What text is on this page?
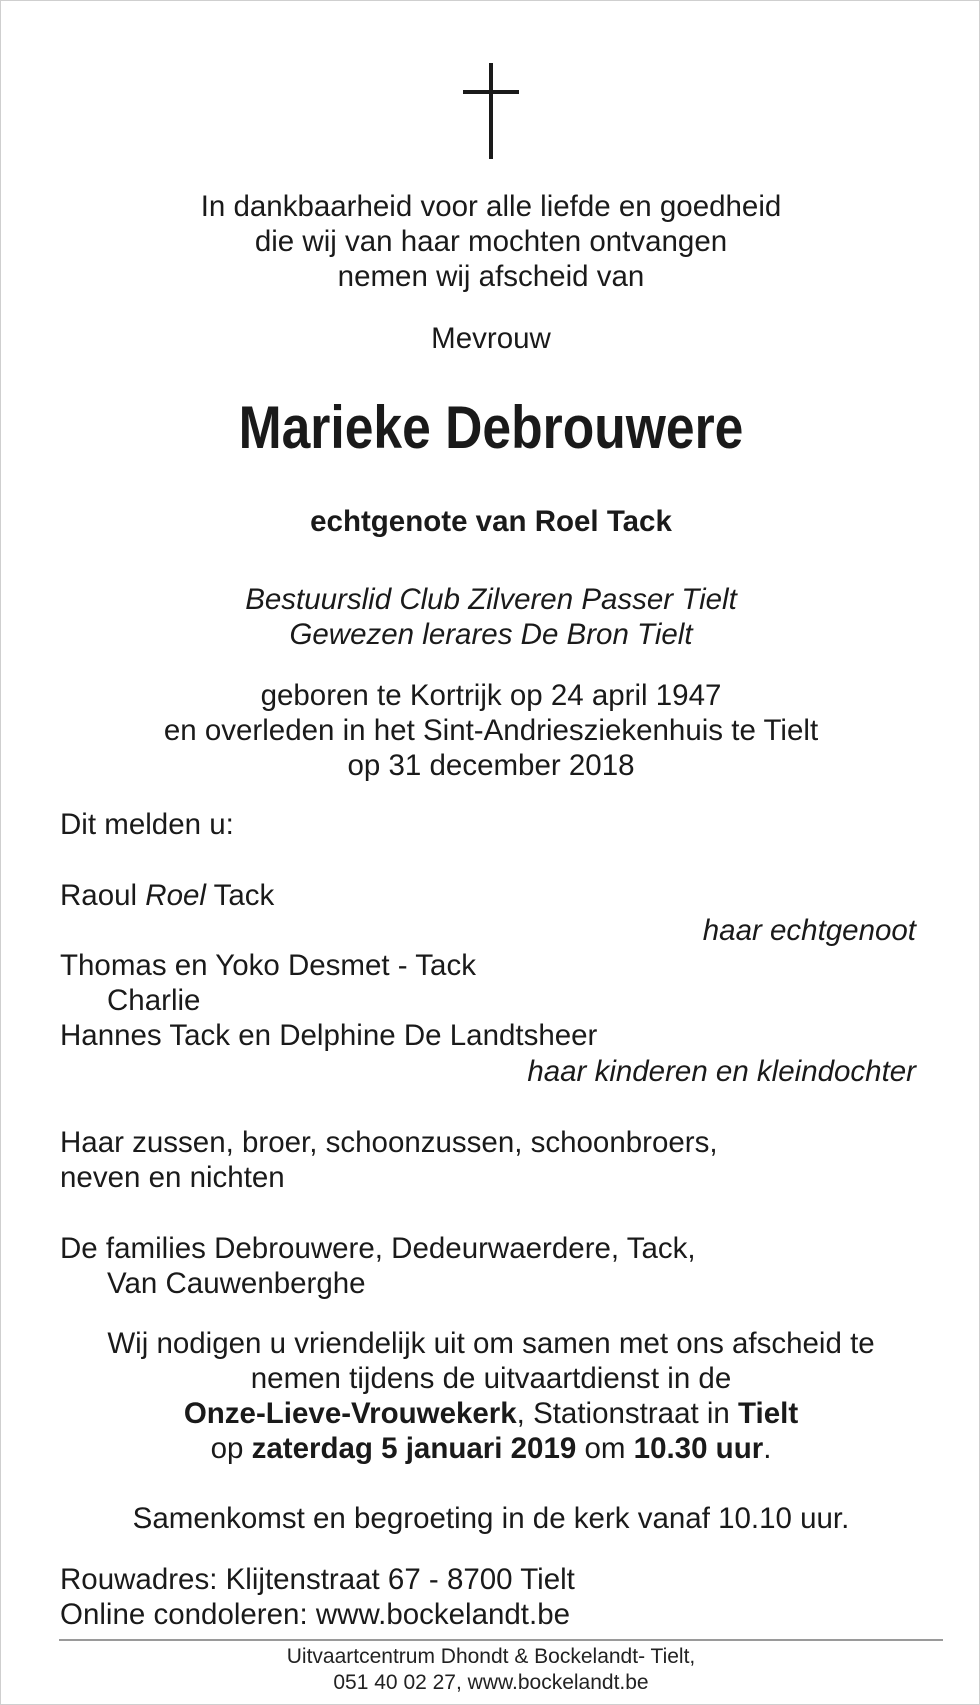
In dankbaarheid voor alle liefde en goedheid

die wij van haar mochten ontvangen

nemen wij afscheid van

Mevrouw

Marieke Debrouwere

echtgenote van Roel Tack

Bestuurslid Club Zilveren Passer Tielt

Gewezen lerares De Bron Tielt

geboren te Kortrijk op 24 april 1947

en overleden in het Sint-Andriesziekenhuis te Tielt

op 31 december 2018

Dit melden u:

Raoul Roel Tack

haar echtgenoot

Thomas en Yoko Desmet - Tack

Charlie

Hannes Tack en Delphine De Landtsheer

haar kinderen en kleindochter

Haar zussen, broer, schoonzussen, schoonbroers,

neven en nichten

De families Debrouwere, Dedeurwaerdere, Tack,

Van Cauwenberghe

Wij nodigen u vriendelijk uit om samen met ons afscheid te

nemen tijdens de uitvaartdienst in de

Onze-Lieve-Vrouwekerk, Stationstraat in Tielt

op zaterdag 5 januari 2019 om 10.30 uur.

Samenkomst en begroeting in de kerk vanaf 10.10 uur.

Rouwadres: Klijtenstraat 67 - 8700 Tielt

Online condoleren: www.bockelandt.be

Uitvaartcentrum Dhondt & Bockelandt- Tielt,

051 40 02 27, www.bockelandt.be
